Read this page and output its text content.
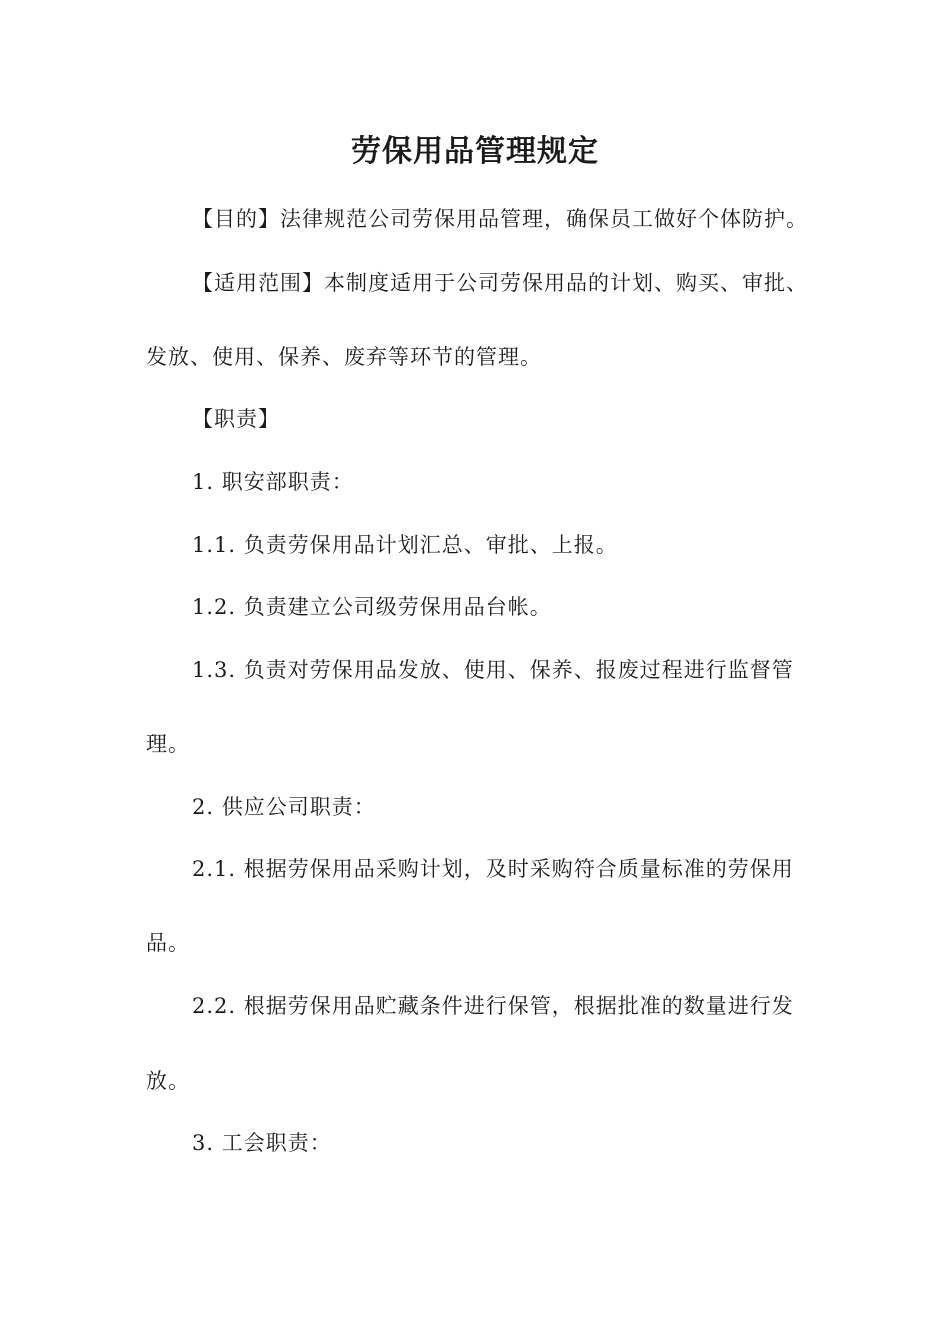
劳保用品管理规定
【目的】法律规范公司劳保用品管理，确保员工做好个体防护。
【适用范围】本制度适用于公司劳保用品的计划、购买、审批、
发放、使用、保养、废弃等环节的管理。
【职责】
1. 职安部职责：
1.1. 负责劳保用品计划汇总、审批、上报。
1.2. 负责建立公司级劳保用品台帐。
1.3. 负责对劳保用品发放、使用、保养、报废过程进行监督管
理。
2. 供应公司职责：
2.1. 根据劳保用品采购计划，及时采购符合质量标准的劳保用
品。
2.2. 根据劳保用品贮藏条件进行保管，根据批准的数量进行发
放。
3. 工会职责：
